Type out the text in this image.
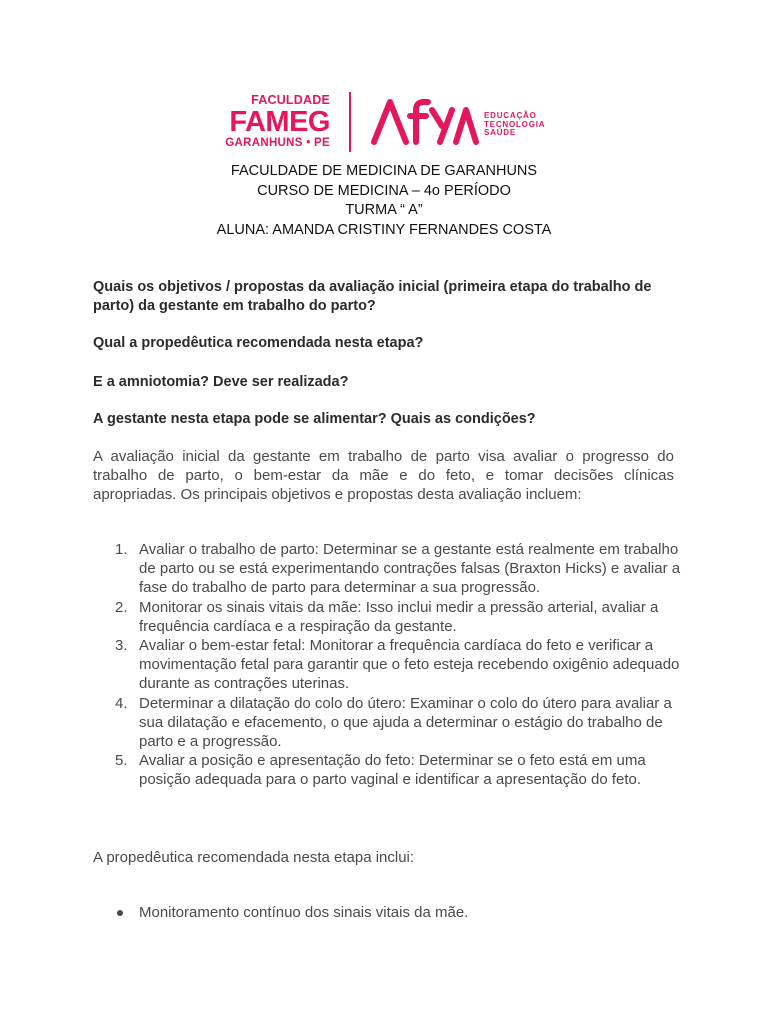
FACULDADE
FAMEG
GARANHUNS • PE
EDUCAÇÃO
TECNOLOGIA
SAÚDE
FACULDADE DE MEDICINA DE GARANHUNS
CURSO DE MEDICINA – 4o PERÍODO
TURMA “ A”
ALUNA: AMANDA CRISTINY FERNANDES COSTA
Quais os objetivos / propostas da avaliação inicial (primeira etapa do trabalho de parto) da gestante em trabalho do parto?
Qual a propedêutica recomendada nesta etapa?
E a amniotomia? Deve ser realizada?
A gestante nesta etapa pode se alimentar? Quais as condições?
A avaliação inicial da gestante em trabalho de parto visa avaliar o progresso do trabalho de parto, o bem-estar da mãe e do feto, e tomar decisões clínicas apropriadas. Os principais objetivos e propostas desta avaliação incluem:
1. Avaliar o trabalho de parto: Determinar se a gestante está realmente em trabalho de parto ou se está experimentando contrações falsas (Braxton Hicks) e avaliar a fase do trabalho de parto para determinar a sua progressão.
2. Monitorar os sinais vitais da mãe: Isso inclui medir a pressão arterial, avaliar a frequência cardíaca e a respiração da gestante.
3. Avaliar o bem-estar fetal: Monitorar a frequência cardíaca do feto e verificar a movimentação fetal para garantir que o feto esteja recebendo oxigênio adequado durante as contrações uterinas.
4. Determinar a dilatação do colo do útero: Examinar o colo do útero para avaliar a sua dilatação e efacemento, o que ajuda a determinar o estágio do trabalho de parto e a progressão.
5. Avaliar a posição e apresentação do feto: Determinar se o feto está em uma posição adequada para o parto vaginal e identificar a apresentação do feto.
A propedêutica recomendada nesta etapa inclui:
Monitoramento contínuo dos sinais vitais da mãe.
